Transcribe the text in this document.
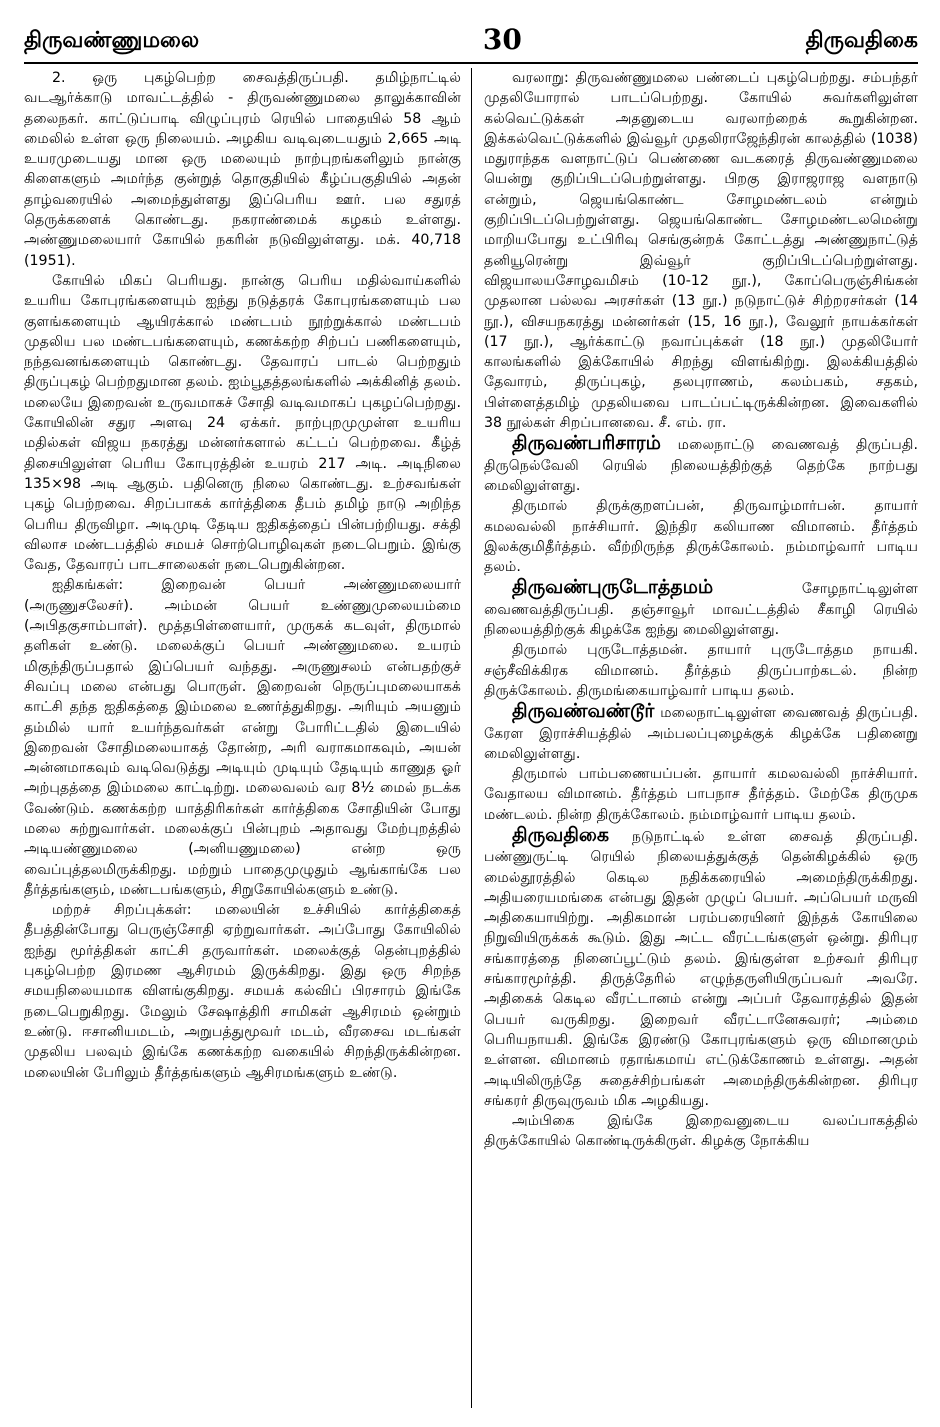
திருவண்ணுமலை	30	திருவதிகை

2. ஒரு புகழ்பெற்ற சைவத்திருப்பதி. தமிழ்நாட்டில் வடஆர்க்காடு மாவட்டத்தில் - திருவண்ணுமலை தாலுக்காவின் தலைநகர். காட்டுப்பாடி விழுப்புரம் ரெயில் பாதையில் 58 ஆம் மைலில் உள்ள ஒரு நிலையம். அழகிய வடிவுடையதும் 2,665 அடி உயரமுடையது மான ஒரு மலையும் நாற்புறங்களிலும் நான்கு கிளைகளும் அமர்ந்த குன்றுத் தொகுதியில் கீழ்ப்பகுதியில் அதன் தாழ்வரையில் அமைந்துள்ளது இப்பெரிய ஊர். பல சதுரத் தெருக்களைக் கொண்டது. நகராண்மைக் கழகம் உள்ளது. அண்ணுமலையார் கோயில் நகரின் நடுவிலுள்ளது. மக். 40,718 (1951).

கோயில் மிகப் பெரியது. நான்கு பெரிய மதில்வாய்களில் உயரிய கோபுரங்களையும் ஐந்து நடுத்தரக் கோபுரங்களையும் பல குளங்களையும் ஆயிரக்கால் மண்டபம் நூற்றுக்கால் மண்டபம் முதலிய பல மண்டபங்களையும், கணக்கற்ற சிற்பப் பணிகளையும், நந்தவனங்களையும் கொண்டது. தேவாரப் பாடல் பெற்றதும் திருப்புகழ் பெற்றதுமான தலம். ஐம்பூதத்தலங்களில் அக்கினித் தலம். மலையே இறைவன் உருவமாகச் சோதி வடிவமாகப் புகழப்பெற்றது. கோயிலின் சதுர அளவு 24 ஏக்கர். நாற்புறமுமுள்ள உயரிய மதில்கள் விஜய நகரத்து மன்னர்களால் கட்டப் பெற்றவை. கீழ்த் திசையிலுள்ள பெரிய கோபுரத்தின் உயரம் 217 அடி. அடிநிலை 135×98 அடி ஆகும். பதினெரு நிலை கொண்டது. உற்சவங்கள் புகழ் பெற்றவை. சிறப்பாகக் கார்த்திகை தீபம் தமிழ் நாடு அறிந்த பெரிய திருவிழா. அடிமுடி தேடிய ஐதிகத்தைப் பின்பற்றியது. சக்தி விலாச மண்டபத்தில் சமயச் சொற்பொழிவுகள் நடைபெறும். இங்கு வேத, தேவாரப் பாடசாலைகள் நடைபெறுகின்றன.

ஐதிகங்கள்: இறைவன் பெயர் அண்ணுமலையார் (அருணுசலேசர்). அம்மன் பெயர் உண்ணுமுலையம்மை (அபிதகுசாம்பாள்). மூத்தபிள்ளையார், முருகக் கடவுள், திருமால் தளிகள் உண்டு. மலைக்குப் பெயர் அண்ணுமலை. உயரம் மிகுந்திருப்பதால் இப்பெயர் வந்தது. அருணுசலம் என்பதற்குச் சிவப்பு மலை என்பது பொருள். இறைவன் நெருப்புமலையாகக் காட்சி தந்த ஐதிகத்தை இம்மலை உணர்த்துகிறது. அரியும் அயனும் தம்மில் யார் உயர்ந்தவர்கள் என்று போரிட்டதில் இடையில் இறைவன் சோதிமலையாகத் தோன்ற, அரி வராகமாகவும், அயன் அன்னமாகவும் வடிவெடுத்து அடியும் முடியும் தேடியும் காணுத ஓர் அற்புதத்தை இம்மலை காட்டிற்று. மலைவலம் வர 8½ மைல் நடக்க வேண்டும். கணக்கற்ற யாத்திரிகர்கள் கார்த்திகை சோதியின் போது மலை சுற்றுவார்கள். மலைக்குப் பின்புறம் அதாவது மேற்புறத்தில் அடியண்ணுமலை (அனியணுமலை) என்ற ஒரு வைப்புத்தலமிருக்கிறது. மற்றும் பாதைமுழுதும் ஆங்காங்கே பல தீர்த்தங்களும், மண்டபங்களும், சிறுகோயில்களும் உண்டு.

மற்றச் சிறப்புக்கள்: மலையின் உச்சியில் கார்த்திகைத் தீபத்தின்போது பெருஞ்சோதி ஏற்றுவார்கள். அப்போது கோயிலில் ஐந்து மூர்த்திகள் காட்சி தருவார்கள். மலைக்குத் தென்புறத்தில் புகழ்பெற்ற இரமண ஆசிரமம் இருக்கிறது. இது ஒரு சிறந்த சமயநிலையமாக விளங்குகிறது. சமயக் கல்விப் பிரசாரம் இங்கே நடைபெறுகிறது. மேலும் சேஷாத்திரி சாமிகள் ஆசிரமம் ஒன்றும் உண்டு. ஈசானியமடம், அறுபத்துமூவர் மடம், வீரசைவ மடங்கள் முதலிய பலவும் இங்கே கணக்கற்ற வகையில் சிறந்திருக்கின்றன. மலையின் பேரிலும் தீர்த்தங்களும் ஆசிரமங்களும் உண்டு.

வரலாறு: திருவண்ணுமலை பண்டைப் புகழ்பெற்றது. சம்பந்தர் முதலியோரால் பாடப்பெற்றது. கோயில் சுவர்களிலுள்ள கல்வெட்டுக்கள் அதனுடைய வரலாற்றைக் கூறுகின்றன. இக்கல்வெட்டுக்களில் இவ்வூர் முதலிராஜேந்திரன் காலத்தில் (1038) மதுராந்தக வளநாட்டுப் பெண்ணை வடகரைத் திருவண்ணுமலை யென்று குறிப்பிடப்பெற்றுள்ளது. பிறகு இராஜராஜ வளநாடு என்றும், ஜெயங்கொண்ட சோழமண்டலம் என்றும் குறிப்பிடப்பெற்றுள்ளது. ஜெயங்கொண்ட சோழமண்டலமென்று மாறியபோது உட்பிரிவு செங்குன்றக் கோட்டத்து அண்ணுநாட்டுத் தனியூரென்று இவ்வூர் குறிப்பிடப்பெற்றுள்ளது. விஜயாலயசோழவமிசம் (10-12 நூ.), கோப்பெருஞ்சிங்கன் முதலான பல்லவ அரசர்கள் (13 நூ.) நடுநாட்டுச் சிற்றரசர்கள் (14 நூ.), விசயநகரத்து மன்னர்கள் (15, 16 நூ.), வேலூர் நாயக்கர்கள் (17 நூ.), ஆர்க்காட்டு நவாப்புக்கள் (18 நூ.) முதலியோர் காலங்களில் இக்கோயில் சிறந்து விளங்கிற்று. இலக்கியத்தில் தேவாரம், திருப்புகழ், தலபுராணம், கலம்பகம், சதகம், பிள்ளைத்தமிழ் முதலியவை பாடப்பட்டிருக்கின்றன. இவைகளில் 38 நூல்கள் சிறப்பானவை. சீ. எம். ரா.

திருவண்பரிசாரம் மலைநாட்டு வைணவத் திருப்பதி. திருநெல்வேலி ரெயில் நிலையத்திற்குத் தெற்கே நாற்பது மைலிலுள்ளது.

திருமால் திருக்குறளப்பன், திருவாழ்மார்பன். தாயார் கமலவல்லி நாச்சியார். இந்திர கலியாண விமானம். தீர்த்தம் இலக்குமிதீர்த்தம். வீற்றிருந்த திருக்கோலம். நம்மாழ்வார் பாடிய தலம்.

திருவண்புருடோத்தமம்	சோழநாட்டிலுள்ள வைணவத்திருப்பதி. தஞ்சாவூர் மாவட்டத்தில் சீகாழி ரெயில் நிலையத்திற்குக் கிழக்கே ஐந்து மைலிலுள்ளது.

திருமால் புருடோத்தமன். தாயார் புருடோத்தம நாயகி. சஞ்சீவிக்கிரக விமானம். தீர்த்தம் திருப்பாற்கடல். நின்ற திருக்கோலம். திருமங்கையாழ்வார் பாடிய தலம்.

திருவண்வண்டூர் மலைநாட்டிலுள்ள வைணவத் திருப்பதி. கேரள இராச்சியத்தில் அம்பலப்புழைக்குக் கிழக்கே பதினைறு மைலிலுள்ளது.

திருமால் பாம்பணையப்பன். தாயார் கமலவல்லி நாச்சியார். வேதாலய விமானம். தீர்த்தம் பாபநாச தீர்த்தம். மேற்கே திருமுக மண்டலம். நின்ற திருக்கோலம். நம்மாழ்வார் பாடிய தலம்.

திருவதிகை நடுநாட்டில் உள்ள சைவத் திருப்பதி. பண்ணுருட்டி ரெயில் நிலையத்துக்குத் தென்கிழக்கில் ஒரு மைல்தூரத்தில் கெடில நதிக்கரையில் அமைந்திருக்கிறது. அதியரையமங்கை என்பது இதன் முழுப் பெயர். அப்பெயர் மருவி அதிகையாயிற்று. அதிகமான் பரம்பரையினர் இந்தக் கோயிலை நிறுவியிருக்கக் கூடும். இது அட்ட வீரட்டங்களுள் ஒன்று. திரிபுர சங்காரத்தை நினைப்பூட்டும் தலம். இங்குள்ள உற்சவர் திரிபுர சங்காரமூர்த்தி. திருத்தேரில் எழுந்தருளியிருப்பவர் அவரே. அதிகைக் கெடில வீரட்டானம் என்று அப்பர் தேவாரத்தில் இதன் பெயர் வருகிறது. இறைவர் வீரட்டானேசுவரர்; அம்மை பெரியநாயகி. இங்கே இரண்டு கோபுரங்களும் ஒரு விமானமும் உள்ளன. விமானம் ரதாங்கமாய் எட்டுக்கோணம் உள்ளது. அதன் அடியிலிருந்தே சுதைச்சிற்பங்கள் அமைந்திருக்கின்றன. திரிபுர சங்கரர் திருவுருவம் மிக அழகியது.

அம்பிகை இங்கே இறைவனுடைய வலப்பாகத்தில் திருக்கோயில் கொண்டிருக்கிருள். கிழக்கு நோக்கிய
